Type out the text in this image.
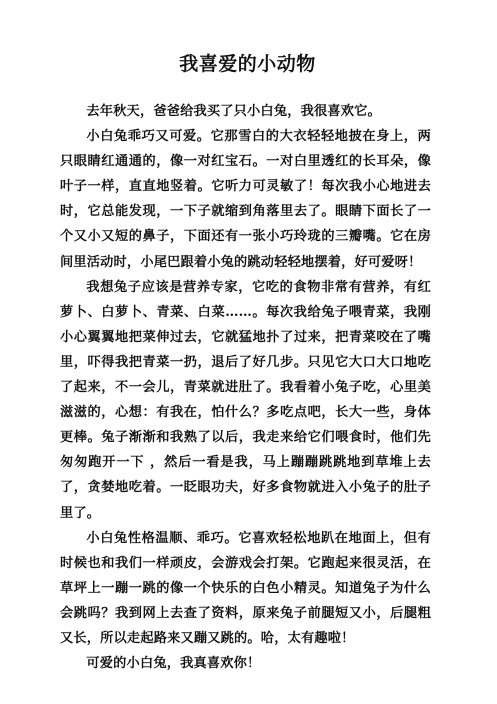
我喜爱的小动物

去年秋天，爸爸给我买了只小白兔，我很喜欢它。

小白兔乖巧又可爱。它那雪白的大衣轻轻地披在身上，两只眼睛红通通的，像一对红宝石。一对白里透红的长耳朵，像叶子一样，直直地竖着。它听力可灵敏了！每次我小心地进去时，它总能发现，一下子就缩到角落里去了。眼睛下面长了一个又小又短的鼻子，下面还有一张小巧玲珑的三瓣嘴。它在房间里活动时，小尾巴跟着小兔的跳动轻轻地摆着，好可爱呀！

我想兔子应该是营养专家，它吃的食物非常有营养，有红萝卜、白萝卜、青菜、白菜……。每次我给兔子喂青菜，我刚小心翼翼地把菜伸过去，它就猛地扑了过来，把青菜咬在了嘴里，吓得我把青菜一扔，退后了好几步。只见它大口大口地吃了起来，不一会儿，青菜就进肚了。我看着小兔子吃，心里美滋滋的，心想：有我在，怕什么？多吃点吧，长大一些，身体更棒。兔子渐渐和我熟了以后，我走来给它们喂食时，他们先匆匆跑开一下 ，然后一看是我，马上蹦蹦跳跳地到草堆上去了，贪婪地吃着。一眨眼功夫，好多食物就进入小兔子的肚子里了。

小白兔性格温顺、乖巧。它喜欢轻松地趴在地面上，但有时候也和我们一样顽皮，会游戏会打架。它跑起来很灵活，在草坪上一蹦一跳的像一个快乐的白色小精灵。知道兔子为什么会跳吗？我到网上去查了资料，原来兔子前腿短又小，后腿粗又长，所以走起路来又蹦又跳的。哈，太有趣啦！

可爱的小白兔，我真喜欢你！
